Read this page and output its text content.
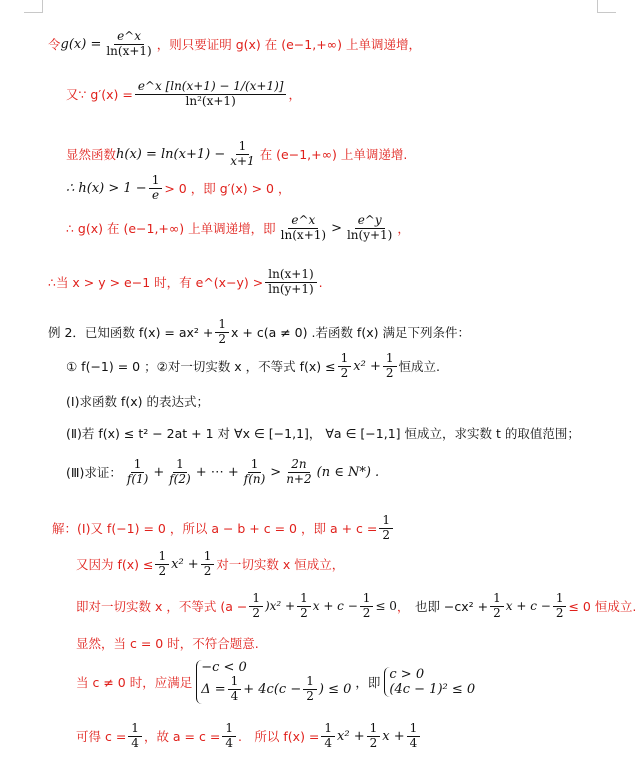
令 $g(x) = \frac{e\^{}x}{\ln(x+1)}$ ，则只要证明 g(x) 在 (e−1,+∞) 上单调递增，
又∵ $g'(x) = \frac{e\^{}x [\ln(x+1) - 1/(x+1)]}{\text{ln²(x+1)}}$ ，
显然函数 $h(x) = \ln(x+1) - \frac{1}{x+1}$ 在 (e−1,+∞) 上单调递增.
∴ $h(x) > 1 - \frac{1}{e} > 0$ ，即 g′(x) > 0 ，
∴ g(x) 在 (e−1,+∞) 上单调递增，即 $\frac{e\^{}x}{\ln(x+1)} > \frac{e\^{}y}{\ln(y+1)}$ ，
∴当 x > y > e−1 时，有 e^(x−y) > $\frac{\ln(x+1)}{\ln(y+1)}$ .
例 2．已知函数 $f(x) = ax^2 + \frac{1}{2}$ x + c(a ≠ 0) .若函数 f(x) 满足下列条件：
① f(−1) = 0 ；②对一切实数 x ，不等式 $f(x) \le \frac{1}{2} x^2 + \frac{1}{2}$ 恒成立.
(Ⅰ)求函数 f(x) 的表达式；
(Ⅱ)若 f(x) ≤ t² − 2at + 1 对 ∀x ∈ [−1,1]， ∀a ∈ [−1,1] 恒成立，求实数 t 的取值范围；
(Ⅲ)求证： $\frac{1}{f(1)} + \frac{1}{f(2)}$ + ⋯ + $\frac{1}{f(n)} > \frac{2n}{n+2} (n$ ∈ N*) .
解：(Ⅰ)又 f(−1) = 0 ，所以 a − b + c = 0 ，即 $a + c = \frac{1}{2}$
又因为 $f(x) \le \frac{1}{2} x^2 + \frac{1}{2}$ 对一切实数 x 恒成立，
即对一切实数 x ，不等式 $(a - \frac{1}{2} )x^2 + \frac{1}{2}$ $x + c - \frac{1}{2} \le 0$ ， 也即 $-cx^2 + \frac{1}{2}$ $x + c - \frac{1}{2} \le 0$ 恒成立.
显然，当 c = 0 时，不符合题意.
当 c ≠ 0 时，应满足
−c < 0
$\Delta = \frac{1}{4} + 4c(c - \frac{1}{2}$ ) ≤ 0 ，即
c > 0
(4c − 1)² ≤ 0
可得 $c = \frac{1}{4}$ ，故 $a = c = \frac{1}{4}$ .　所以 $f(x) = \frac{1}{4} x^2 + \frac{1}{2}$ $x + \frac{1}{4}$
